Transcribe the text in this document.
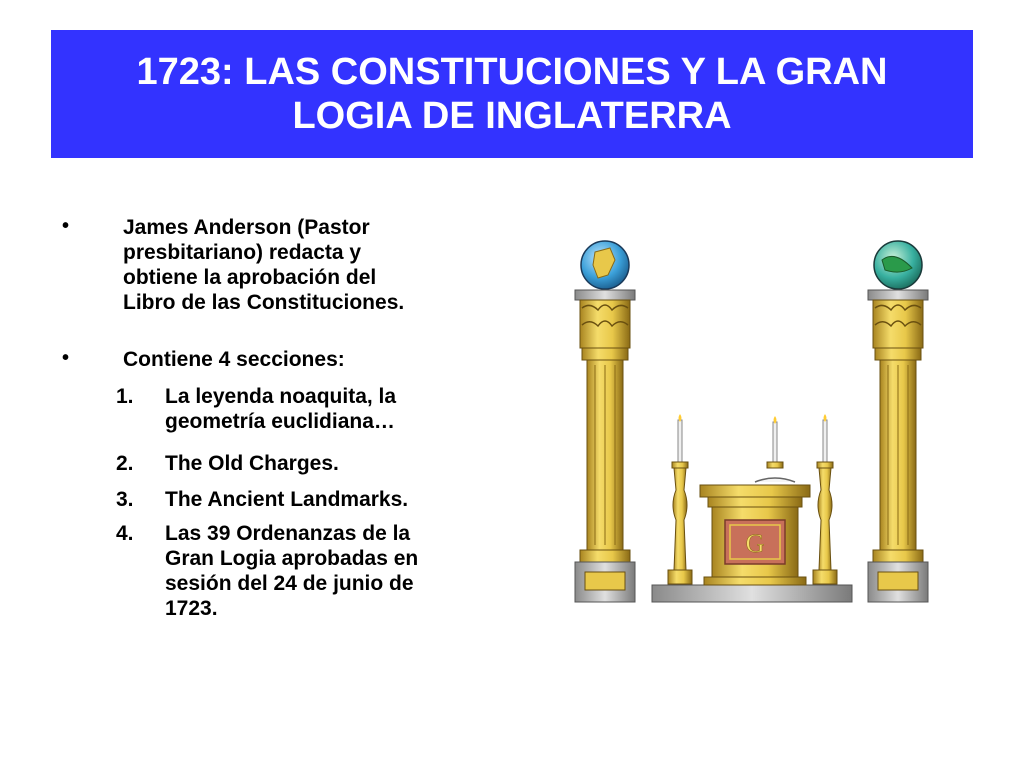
1723: LAS CONSTITUCIONES Y LA GRAN
LOGIA DE INGLATERRA
•	James Anderson (Pastor
presbitariano) redacta y
obtiene la aprobación del
Libro de las Constituciones.
•	Contiene 4 secciones:
1. La leyenda noaquita, la
geometría euclidiana…
2. The Old Charges.
3. The Ancient Landmarks.
4. Las 39 Ordenanzas de la
Gran Logia aprobadas en
sesión del 24 de junio de
1723.
G
